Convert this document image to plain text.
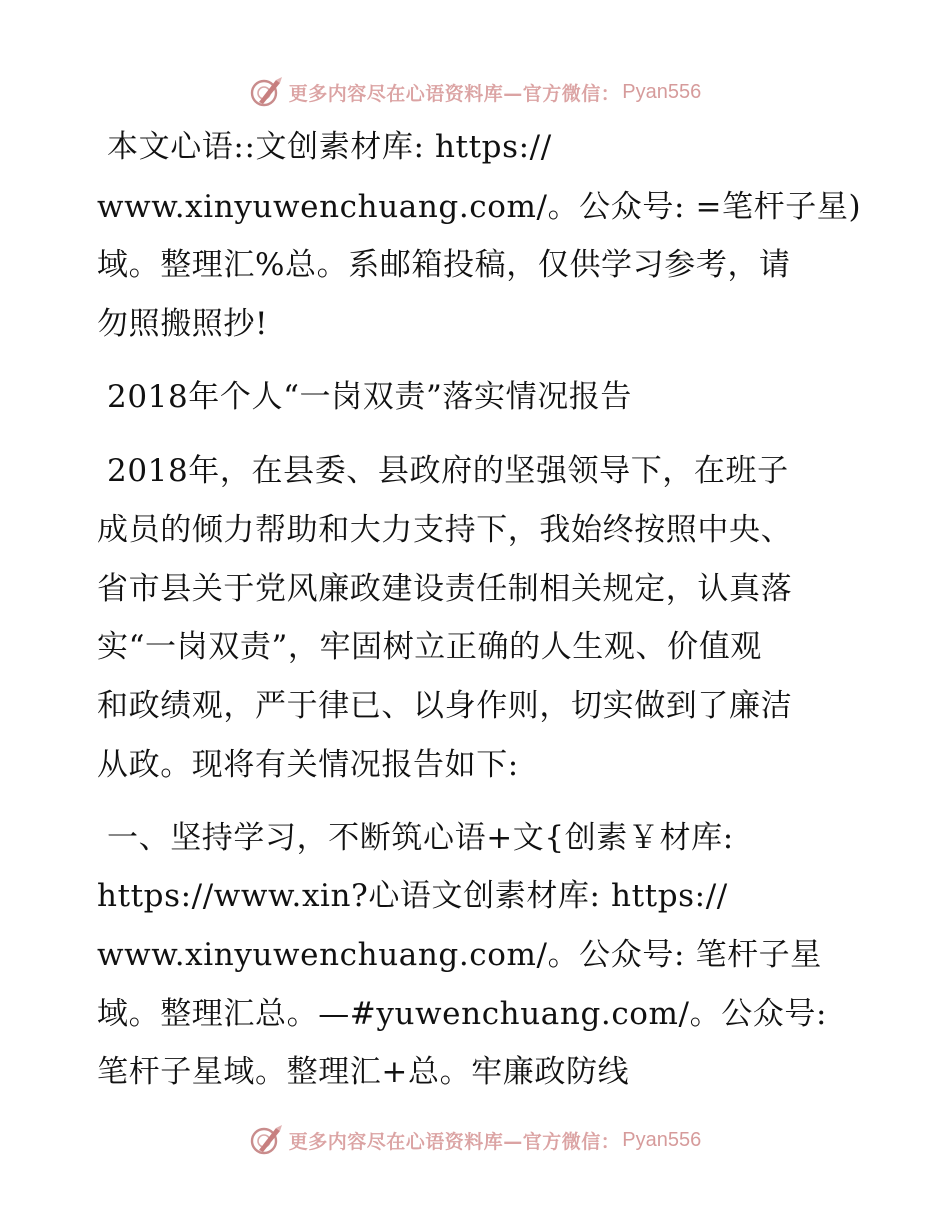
更多内容尽在心语资料库—官方微信： Pyan556
本文心语::文创素材库: https://
www.xinyuwenchuang.com/。公众号: =笔杆子星)
域。整理汇%总。系邮箱投稿，仅供学习参考，请
勿照搬照抄!
2018年个人“一岗双责”落实情况报告
2018年，在县委、县政府的坚强领导下，在班子
成员的倾力帮助和大力支持下，我始终按照中央、
省市县关于党风廉政建设责任制相关规定，认真落
实“一岗双责”，牢固树立正确的人生观、价值观
和政绩观，严于律已、以身作则，切实做到了廉洁
从政。现将有关情况报告如下:
一、坚持学习，不断筑心语+文{创素￥材库:
https://www.xin?心语文创素材库: https://
www.xinyuwenchuang.com/。公众号: 笔杆子星
域。整理汇总。—#yuwenchuang.com/。公众号:
笔杆子星域。整理汇+总。牢廉政防线
更多内容尽在心语资料库—官方微信： Pyan556
